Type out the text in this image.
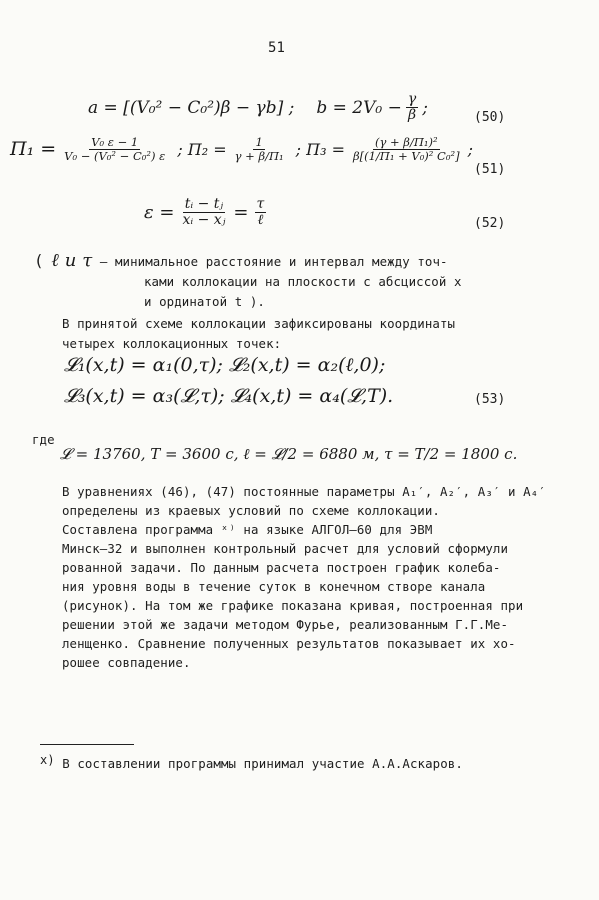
51
a = [(V₀² − C₀²)β − γb] ; $b = 2V_0 - \frac{\gamma}{\beta}$ ;	(50)
$\Pi_1 = \frac{\text{V₀ ε − 1}}{\text{V₀ − (V₀² − C₀²) ε}}$ ; $\Pi_2 = \frac{1}{\text{γ + β/Π₁}}$ ; $\Pi_3 = \frac{\text{(γ + β/Π₁)²}}{\text{β[(1/Π₁ + V₀)² C₀²]}}$ ;
(51)
$\varepsilon = \frac{\text{tᵢ − tⱼ}}{\text{xᵢ − xⱼ}} = \frac{\tau}{\text{ℓ}}$	(52)
( ℓ и τ – минимальное расстояние и интервал между точ-
ками коллокации на плоскости с абсциссой x
и ординатой t ).
В принятой схеме коллокации зафиксированы координаты
четырех коллокационных точек:
𝓛₁(x,t) = α₁(0,τ); 𝓛₂(x,t) = α₂(ℓ,0);
𝓛₃(x,t) = α₃(𝓛,τ); 𝓛₄(x,t) = α₄(𝓛,T).	(53)
где
𝓛 = 13760, T = 3600 с, ℓ = 𝓛/2 = 6880 м, τ = T/2 = 1800 с.
В уравнениях (46), (47) постоянные параметры A₁′, A₂′, A₃′ и A₄′
определены из краевых условий по схеме коллокации.
Составлена программа ˣ⁾ на языке АЛГОЛ–60 для ЭВМ
Минск–32 и выполнен контрольный расчет для условий сформули
рованной задачи. По данным расчета построен график колеба-
ния уровня воды в течение суток в конечном створе канала
(рисунок). На том же графике показана кривая, построенная при
решении этой же задачи методом Фурье, реализованным Г.Г.Ме-
ленщенко. Сравнение полученных результатов показывает их хо-
рошее совпадение.
x) В составлении программы принимал участие А.А.Аскаров.
